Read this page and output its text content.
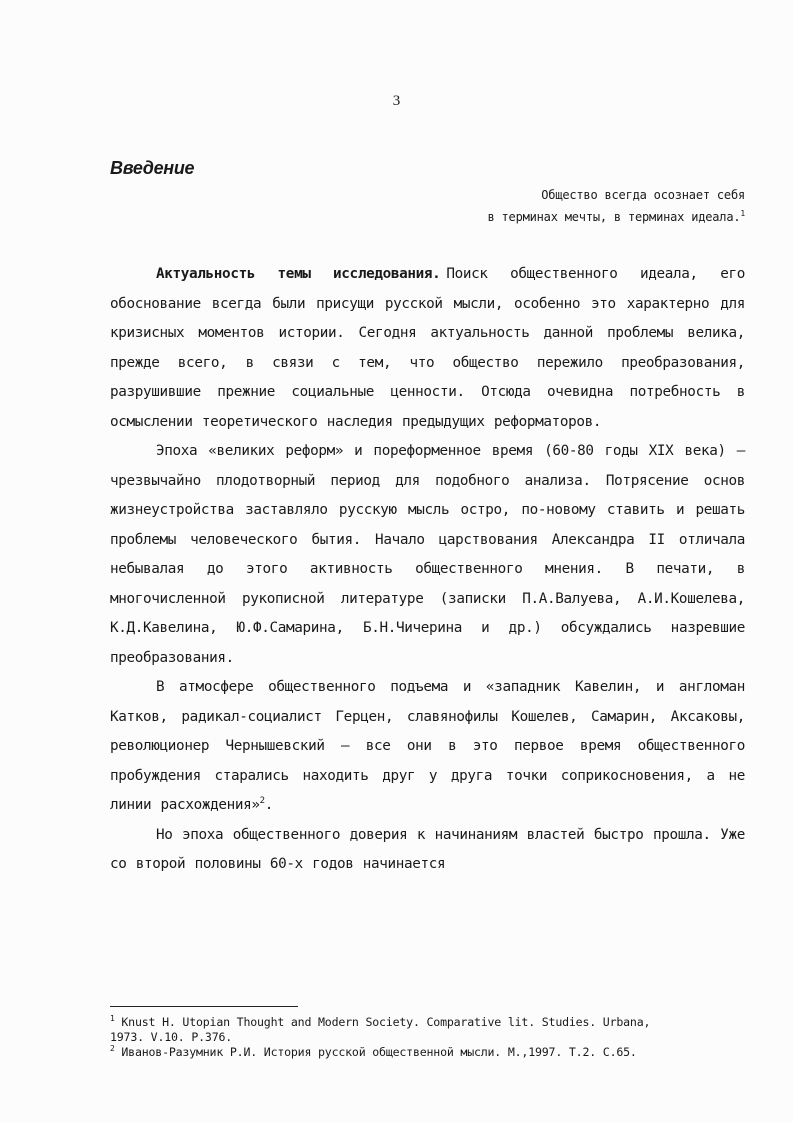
3
Введение
Общество всегда осознает себя
в терминах мечты, в терминах идеала.$^1$

Актуальность темы исследования. Поиск общественного идеала, его обоснование всегда были присущи русской мысли, особенно это характерно для кризисных моментов истории. Сегодня актуальность данной проблемы велика, прежде всего, в связи с тем, что общество пережило преобразования, разрушившие прежние социальные ценности. Отсюда очевидна потребность в осмыслении теоретического наследия предыдущих реформаторов.

Эпоха «великих реформ» и пореформенное время (60-80 годы XIX века) — чрезвычайно плодотворный период для подобного анализа. Потрясение основ жизнеустройства заставляло русскую мысль остро, по-новому ставить и решать проблемы человеческого бытия. Начало царствования Александра II отличала небывалая до этого активность общественного мнения. В печати, в многочисленной рукописной литературе (записки П.А.Валуева, А.И.Кошелева, К.Д.Кавелина, Ю.Ф.Самарина, Б.Н.Чичерина и др.) обсуждались назревшие преобразования.

В атмосфере общественного подъема и «западник Кавелин, и англоман Катков, радикал-социалист Герцен, славянофилы Кошелев, Самарин, Аксаковы, революционер Чернышевский — все они в это первое время общественного пробуждения старались находить друг у друга точки соприкосновения, а не линии расхождения»$^2$.

Но эпоха общественного доверия к начинаниям властей быстро прошла. Уже со второй половины 60-х годов начинается

$^1$ Knust H. Utopian Thought and Modern Society. Comparative lit. Studies. Urbana,

1973. V.10. P.376.

$^2$ Иванов-Разумник Р.И. История русской общественной мысли. М.,1997. Т.2. С.65.
